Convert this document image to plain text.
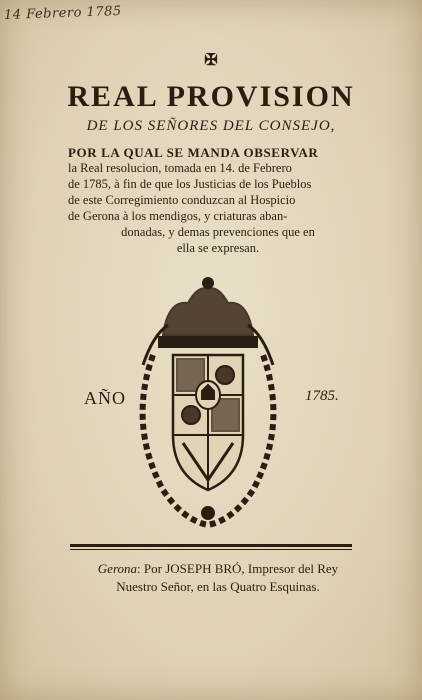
14 Febrero 1785
✠
REAL PROVISION
DE LOS SEÑORES DEL CONSEJO,
POR LA QUAL SE MANDA OBSERVAR
la Real resolucion, tomada en 14. de Febrero
de 1785, à fin de que los Justicias de los Pueblos
de este Corregimiento conduzcan al Hospicio
de Gerona à los mendigos, y criaturas aban-
donadas, y demas prevenciones que en
ella se expresan.
AÑO	1785.
Gerona: Por JOSEPH BRÓ, Impresor del Rey
Nuestro Señor, en las Quatro Esquinas.
